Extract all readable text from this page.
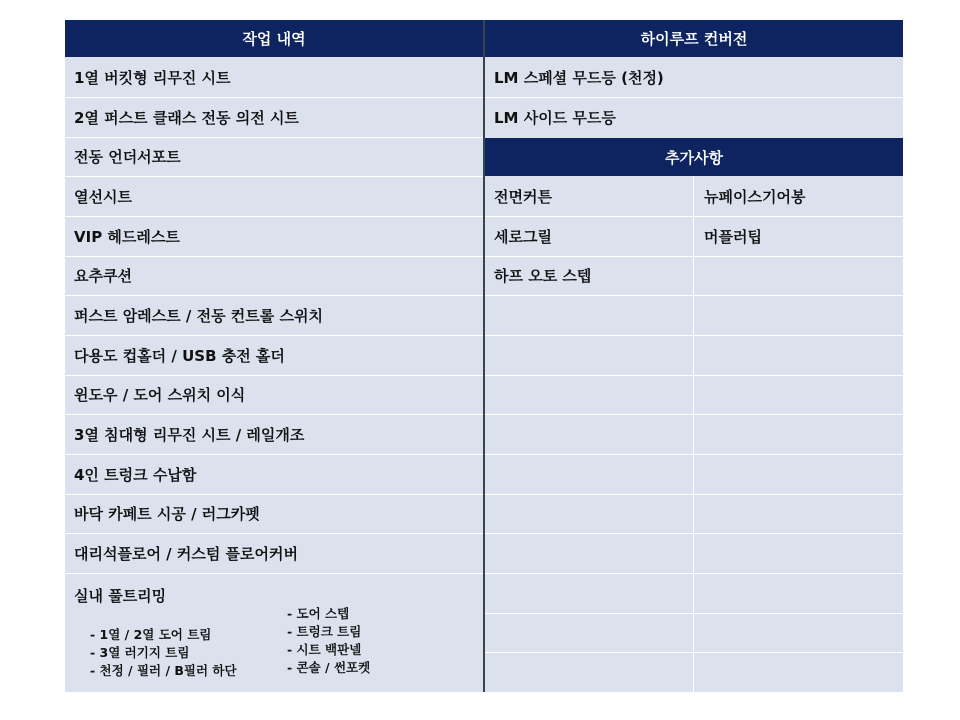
작업 내역	하이루프 컨버전
추가사항
1열 버킷형 리무진 시트
2열 퍼스트 클래스 전동 의전 시트
전동 언더서포트
열선시트
VIP 헤드레스트
요추쿠션
퍼스트 암레스트 / 전동 컨트롤 스위치
다용도 컵홀더 / USB 충전 홀더
윈도우 / 도어 스위치 이식
3열 침대형 리무진 시트 / 레일개조
4인 트렁크 수납함
바닥 카페트 시공 / 러그카펫
대리석플로어 / 커스텀 플로어커버
실내 풀트리밍
- 1열 / 2열 도어 트림
- 3열 러기지 트림
- 천정 / 필러 / B필러 하단
- 도어 스텝
- 트렁크 트림
- 시트 백판넬
- 콘솔 / 썬포켓
LM 스페셜 무드등 (천정)
LM 사이드 무드등
전면커튼
세로그릴
하프 오토 스텝
뉴페이스기어봉
머플러팁
